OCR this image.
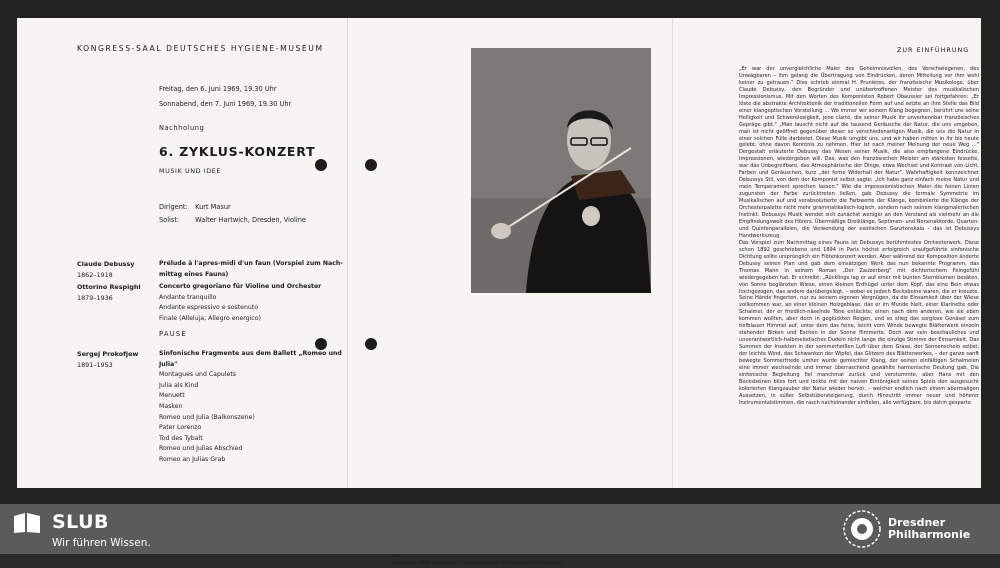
KONGRESS-SAAL DEUTSCHES HYGIENE-MUSEUM
Freitag, den 6. Juni 1969, 19.30 Uhr
Sonnabend, den 7. Juni 1969, 19.30 Uhr
Nachholung
6. ZYKLUS-KONZERT
MUSIK UND IDEE
Dirigent: Kurt Masur
Solist: Walter Hartwich, Dresden, Violine
Claude Debussy
1862–1918
Prélude à l'apres-midi d'un faun (Vorspiel zum Nach-
mittag eines Fauns)
Ottorino Respighi
1879–1936
Concerto gregoriano für Violine und Orchester
Andante tranquillo
Andante espressivo e sostenuto
Finale (Alleluja; Allegro energico)
PAUSE
Sergej Prokofjew
1891–1953
Sinfonische Fragmente aus dem Ballett „Romeo und
Julia"
Montagues und Capulets
Julia als Kind
Menuett
Masken
Romeo und Julia (Balkonszene)
Pater Lorenzo
Tod des Tybalt
Romeo und Julias Abschied
Romeo an Julias Grab
ZUR EINFÜHRUNG

„Er war der unvergleichliche Maler des Geheimnisvollen, des Verschwiegenen, des Unwägbaren – ihm gelang die Übertragung von Eindrücken, deren Mitteilung vor ihm wohl keiner zu getrauen." Dies schrieb einmal H. Prunières, der französische Musikologe, über Claude Debussy, den Begründer und unübertroffenen Meister des musikalischen Impressionismus. Mit den Worten des Komponisten Robert Obaussier sei fortgefahren: „Er löste die abstrakte Architektonik der traditionellen Form auf und setzte an ihre Stelle das Bild einer klangoptischen Vorstellung ... Wo immer wir seinem Klang begegnen, berührt uns seine Helligkeit und Schwerelosigkeit, jene clarté, die seiner Musik ihr unverkennbar französisches Gepräge gibt." „Man lauscht nicht auf die tausend Geräusche der Natur, die uns umgeben, man ist nicht geöffnet gegenüber dieser so verschiedenartigen Musik, die uns die Natur in einer solchen Fülle darbietet. Diese Musik umgibt uns, und wir haben mitten in ihr bis heute gelebt, ohne davon Kenntnis zu nehmen. Hier ist nach meiner Meinung der neue Weg ..." Dergestalt erläuterte Debussy das Wesen seiner Musik, die also empfangene Eindrücke, Impressionen, wiedergeben will. Das, was den französischen Meister am stärksten fesselte, war das Unbegreifbare, das Atmosphärische der Dinge, etwa Wechsel und Kontrast von Licht, Farben und Geräuschen, kurz „der ferne Widerhall der Natur". Wahrhaftigkeit kennzeichnet Debussys Stil, von dem der Komponist selbst sagte: „Ich habe ganz einfach meine Natur und mein Temperament sprechen lassen." Wie die impressionistischen Maler die feinen Linien zugunsten der Farbe zurücktreten ließen, gab Debussy die formale Symmetrie im Musikalischen auf und verabsolutierte die Farbwerte der Klänge, kombinierte die Klänge der Orchesterpalette nicht mehr grammatikalisch-logisch, sondern nach seinem klangmalerischen Instinkt. Debussys Musik wendet sich zunächst weniger an den Verstand als vielmehr an die Empfindungswelt des Hörers. Übermäßige Dreiklänge, Septimen- und Nonenakkorde, Quarten- und Quintenparallelen, die Verwendung der exotischen Ganztonskala – das ist Debussys Handwerkszeug.

Das Vorspiel zum Nachmittag eines Fauns ist Debussys berühmtestes Orchesterwerk. Diese schon 1892 geschriebene und 1894 in Paris höchst erfolgreich uraufgeführte sinfonische Dichtung sollte ursprünglich ein Flötenkonzert werden. Aber während der Komposition änderte Debussy seinen Plan und gab dem einsätzigen Werk das nun bekannte Programm, das Thomas Mann in seinem Roman „Der Zauberberg" mit dichterischem Feingefühl wiedergegeben hat. Er schreibt: „Rücklings lag er auf einer mit bunten Sternblumen besäten, von Sonne beglänzten Wiese, einen kleinen Erdhügel unter dem Kopf, das eine Bein etwas hochgezogen, das andere darübergelegt, – wobei es jedoch Bocksbeine waren, die er kreuzte. Seine Hände fingerten, nur zu seinem eigenen Vergnügen, da die Einsamkeit über der Wiese vollkommen war, an einer kleinen Holzgeblase, das er im Munde hielt, einer Klarinette oder Schalmei, der er friedlich-näselnde Töne entlockte, einen nach dem anderen, wie sie eben kommen wollten, aber doch in geglückten Reigen, und so stieg das sorglose Genäsel zum tiefblauen Himmel auf, unter dem das feine, leicht vom Winde bewegte Blätterwerk einzeln stehender Birken und Eschen in der Sonne flimmerte. Doch war sein beschauliches und unverantwortlich-halbmelodisches Dudeln nicht lange die einzige Stimme der Einsamkeit. Das Summen der Insekten in der sommerheißen Luft über dem Grase, der Sonnenschein selbst, der leichte Wind, das Schwanken der Wipfel, das Glitzern des Blätterwerkes, – der ganze sanft bewegte Sommerfriede umher wurde gemischter Klang, der seinen einfältigen Schalmeien eine immer wechselnde und immer überraschend gewählte harmonische Deutung gab. Die sinfonische Begleitung fiel manchmal zurück und verstummte, aber Hans mit den Bocksbeinen blies fort und lockte mit der naiven Eintönigkeit seines Spiels den ausgesucht kolorierten Klangzauber der Natur wieder hervor, – welcher endlich nach einem abermaligen Aussetzen, in süßer Selbstübersteigerung, durch Hinzutritt immer neuer und höherer Instrumentalstimmen, die rasch nacheinander einfielen, alle verfügbare, bis dahin gesparte

Seit
September 1962 wirkt er als 1. Konzertmeister der Dresdner Philharmonie.
SLUB
Wir führen Wissen.
Dresdner
Philharmonie
